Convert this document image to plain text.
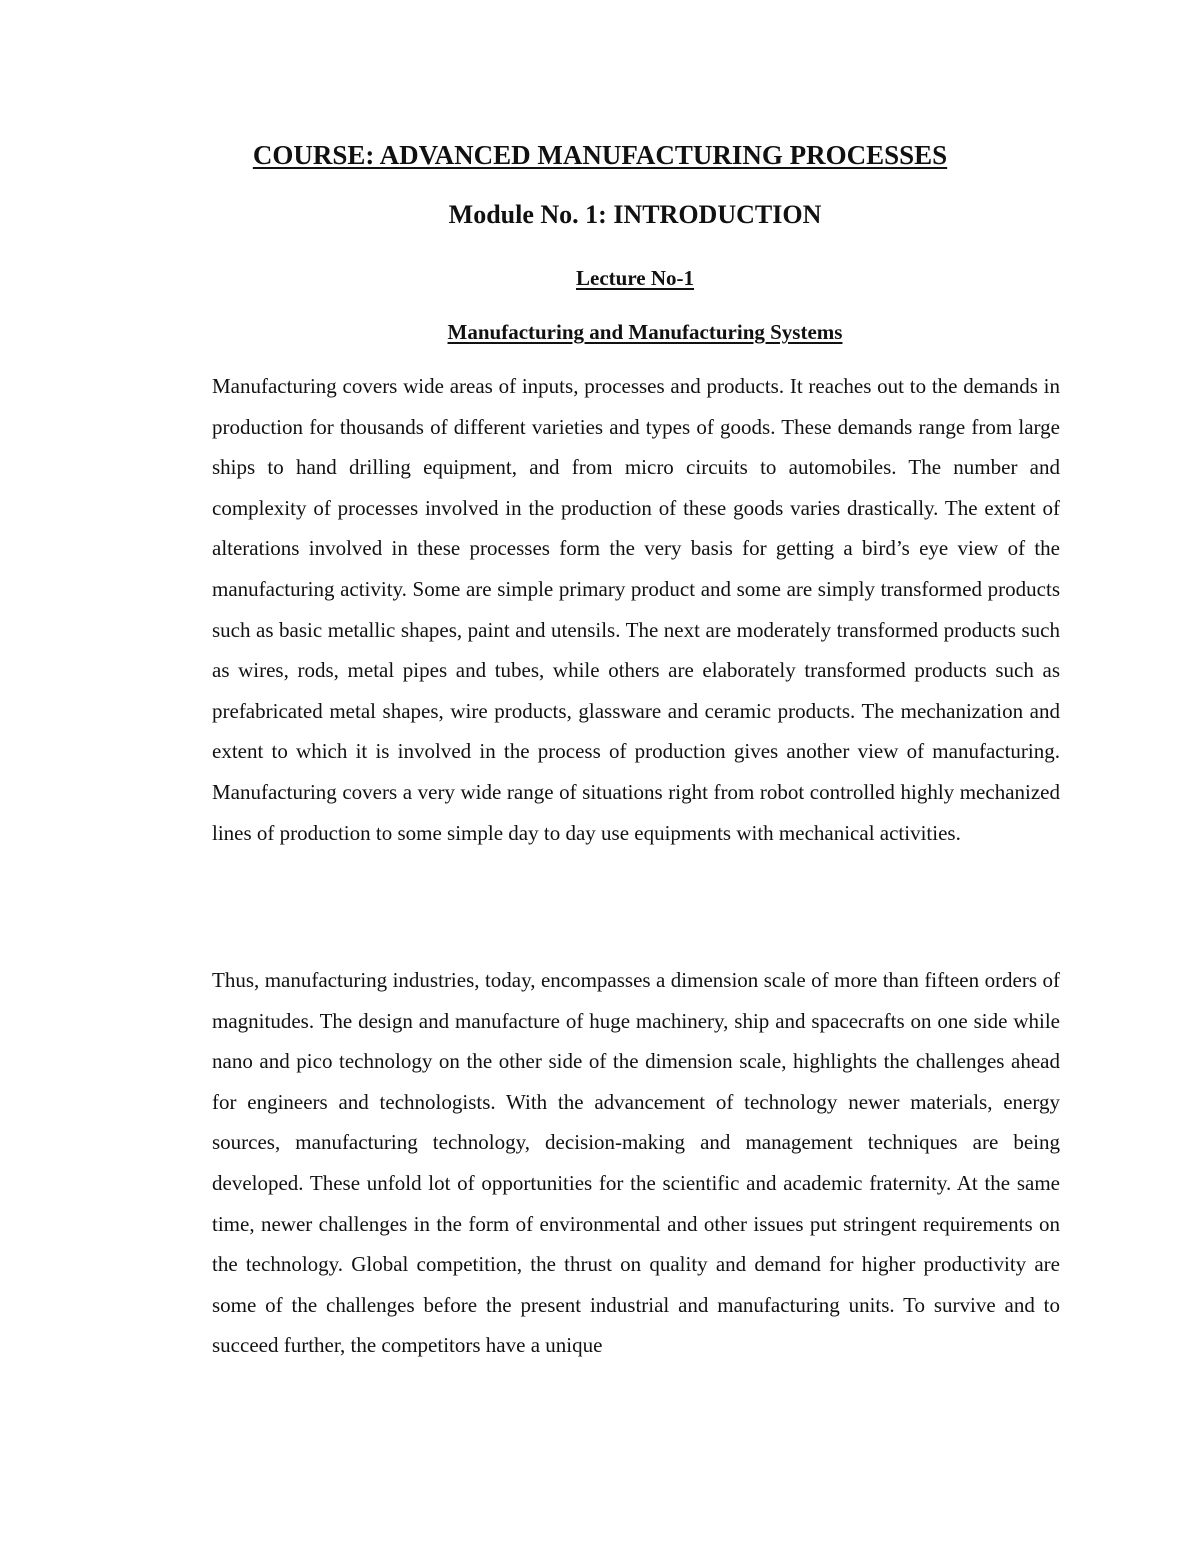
COURSE: ADVANCED MANUFACTURING PROCESSES
Module No. 1: INTRODUCTION
Lecture No-1
Manufacturing and Manufacturing Systems

Manufacturing covers wide areas of inputs, processes and products. It reaches out to the demands in production for thousands of different varieties and types of goods. These demands range from large ships to hand drilling equipment, and from micro circuits to automobiles. The number and complexity of processes involved in the production of these goods varies drastically. The extent of alterations involved in these processes form the very basis for getting a bird’s eye view of the manufacturing activity. Some are simple primary product and some are simply transformed products such as basic metallic shapes, paint and utensils. The next are moderately transformed products such as wires, rods, metal pipes and tubes, while others are elaborately transformed products such as prefabricated metal shapes, wire products, glassware and ceramic products. The mechanization and extent to which it is involved in the process of production gives another view of manufacturing. Manufacturing covers a very wide range of situations right from robot controlled highly mechanized lines of production to some simple day to day use equipments with mechanical activities.

Thus, manufacturing industries, today, encompasses a dimension scale of more than fifteen orders of magnitudes. The design and manufacture of huge machinery, ship and spacecrafts on one side while nano and pico technology on the other side of the dimension scale, highlights the challenges ahead for engineers and technologists. With the advancement of technology newer materials, energy sources, manufacturing technology, decision-making and management techniques are being developed. These unfold lot of opportunities for the scientific and academic fraternity. At the same time, newer challenges in the form of environmental and other issues put stringent requirements on the technology. Global competition, the thrust on quality and demand for higher productivity are some of the challenges before the present industrial and manufacturing units. To survive and to succeed further, the competitors have a unique
